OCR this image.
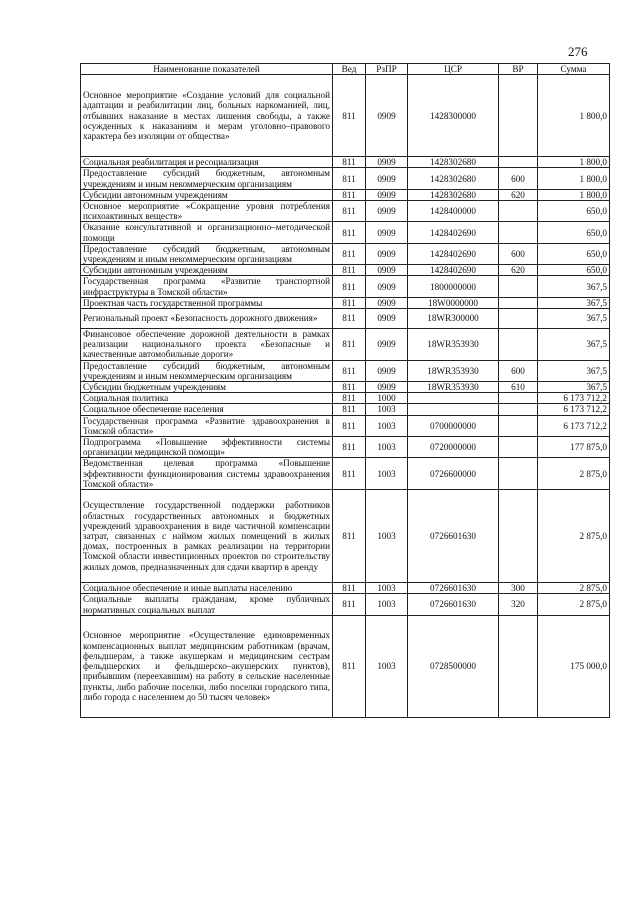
276
Наименование показателей	Вед	РзПР	ЦСР	ВР	Сумма
Основное мероприятие «Создание условий для социальной адаптации и реабилитации лиц, больных наркоманией, лиц, отбывших наказание в местах лишения свободы, а также осужденных к наказаниям и мерам уголовно–правового характера без изоляции от общества»	811	0909	1428300000		1 800,0
Социальная реабилитация и ресоциализация	811	0909	1428302680		1 800,0
Предоставление субсидий бюджетным, автономным учреждениям и иным некоммерческим организациям	811	0909	1428302680	600	1 800,0
Субсидии автономным учреждениям	811	0909	1428302680	620	1 800,0
Основное мероприятие «Сокращение уровня потребления психоактивных веществ»	811	0909	1428400000		650,0
Оказание консультативной и организационно–методической помощи	811	0909	1428402690		650,0
Предоставление субсидий бюджетным, автономным учреждениям и иным некоммерческим организациям	811	0909	1428402690	600	650,0
Субсидии автономным учреждениям	811	0909	1428402690	620	650,0
Государственная программа «Развитие транспортной инфраструктуры в Томской области»	811	0909	1800000000		367,5
Проектная часть государственной программы	811	0909	18W0000000		367,5
Региональный проект «Безопасность дорожного движения»	811	0909	18WR300000		367,5
Финансовое обеспечение дорожной деятельности в рамках реализации национального проекта «Безопасные и качественные автомобильные дороги»	811	0909	18WR353930		367,5
Предоставление субсидий бюджетным, автономным учреждениям и иным некоммерческим организациям	811	0909	18WR353930	600	367,5
Субсидии бюджетным учреждениям	811	0909	18WR353930	610	367,5
Социальная политика	811	1000			6 173 712,2
Социальное обеспечение населения	811	1003			6 173 712,2
Государственная программа «Развитие здравоохранения в Томской области»	811	1003	0700000000		6 173 712,2
Подпрограмма «Повышение эффективности системы организации медицинской помощи»	811	1003	0720000000		177 875,0
Ведомственная целевая программа «Повышение эффективности функционирования системы здравоохранения Томской области»	811	1003	0726600000		2 875,0
Осуществление государственной поддержки работников областных государственных автономных и бюджетных учреждений здравоохранения в виде частичной компенсации затрат, связанных с наймом жилых помещений в жилых домах, построенных в рамках реализации на территории Томской области инвестиционных проектов по строительству жилых домов, предназначенных для сдачи квартир в аренду	811	1003	0726601630		2 875,0
Социальное обеспечение и иные выплаты населению	811	1003	0726601630	300	2 875,0
Социальные выплаты гражданам, кроме публичных нормативных социальных выплат	811	1003	0726601630	320	2 875,0
Основное мероприятие «Осуществление единовременных компенсационных выплат медицинским работникам (врачам, фельдшерам, а также акушеркам и медицинским сестрам фельдшерских и фельдшерско–акушерских пунктов), прибывшим (переехавшим) на работу в сельские населенные пункты, либо рабочие поселки, либо поселки городского типа, либо города с населением до 50 тысяч человек»	811	1003	0728500000		175 000,0
